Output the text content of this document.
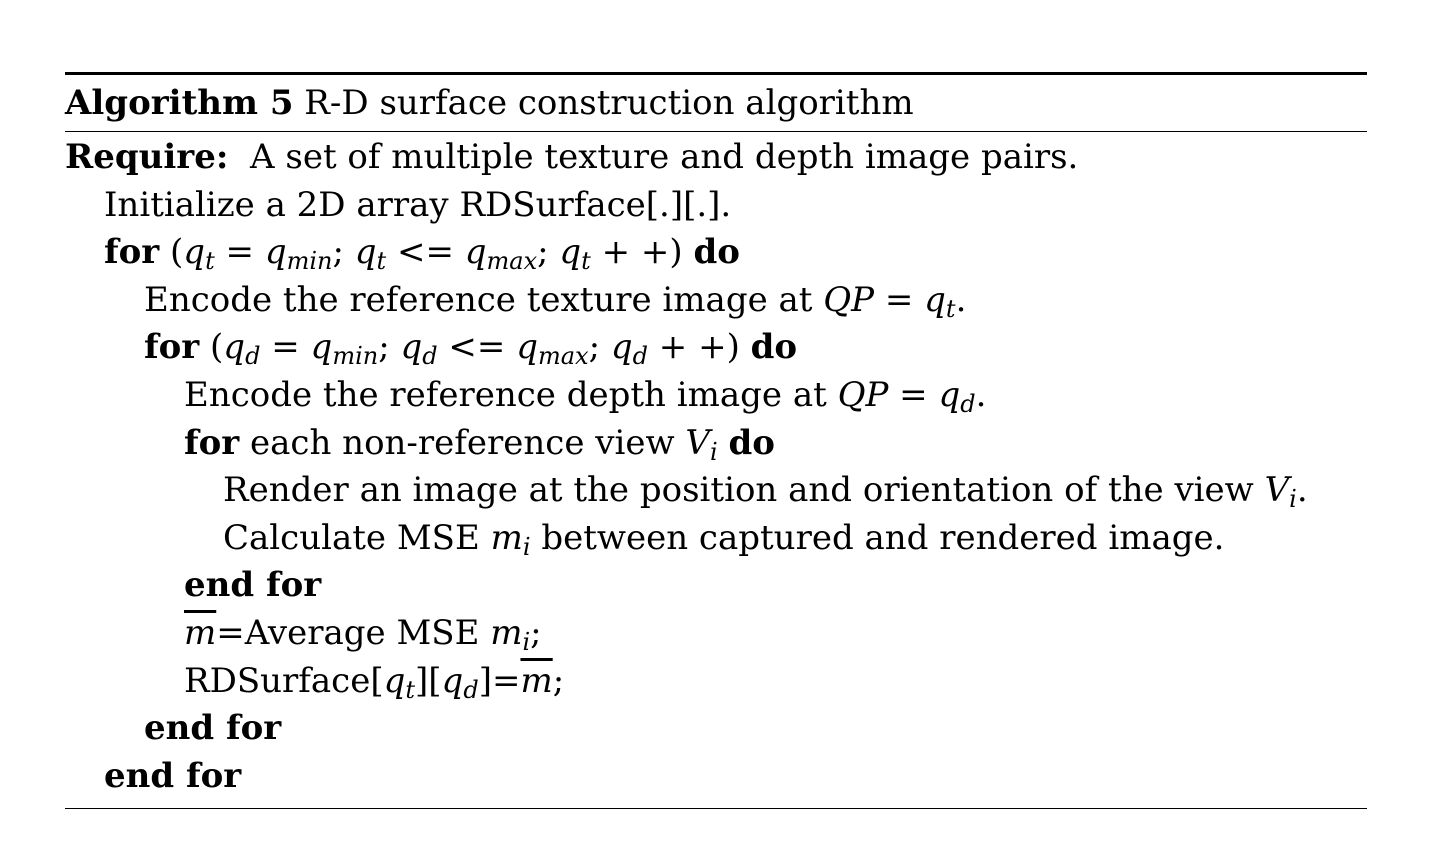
Algorithm 5 R-D surface construction algorithm
Require: A set of multiple texture and depth image pairs.
Initialize a 2D array RDSurface[.][.].
for ($q_t = q_{min}$; $q_t <= q_{max}$; $q_t$ + +) do
Encode the reference texture image at QP = $q_t$.
for ($q_d = q_{min}$; $q_d <= q_{max}$; $q_d$ + +) do
Encode the reference depth image at QP = $q_d$.
for each non-reference view $V_i$ do
Render an image at the position and orientation of the view $V_i$.
Calculate MSE $m_i$ between captured and rendered image.
end for
$\overline{m}=Average$ MSE $m_i$;
$RDSurface[q_t][q_d]=\overline{m}$;
end for
end for
